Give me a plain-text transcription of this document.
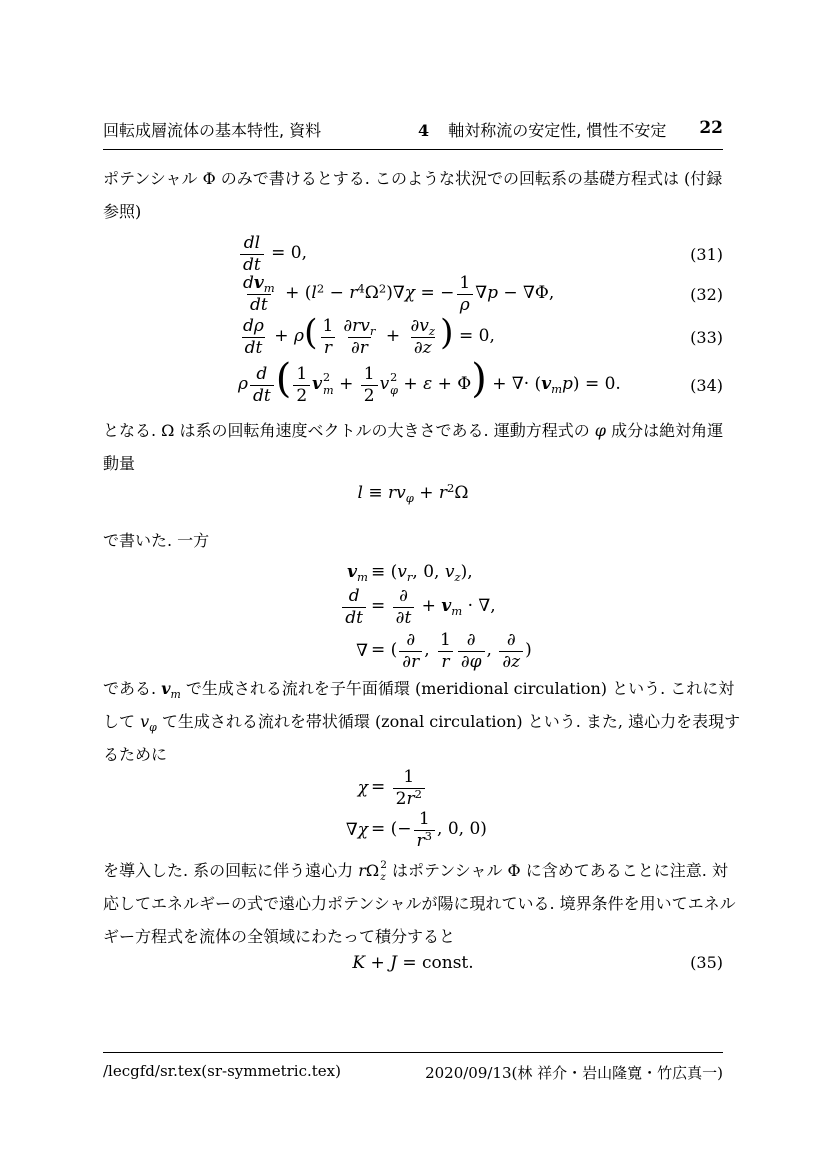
回転成層流体の基本特性, 資料	4 軸対称流の安定性, 慣性不安定 22
ポテンシャル Φ のみで書けるとする. このような状況での回転系の基礎方程式は (付録
参照)
$\frac{dl}{dt} = 0$,	(31)
$\frac{dv_m}{dt} + (l^2 - r^4\Omega^2)\nabla\chi$ = − $\frac{1}{\rho} \nabla p - \nabla\Phi$,	(32)
$\frac{d\rho}{dt} + \rho( \frac{1}{r} \frac{\partial rv_r}{\partial r} + \frac{\partial v_z}{\partial z}$ ) = 0,	(33)
ρ $\frac{d}{dt}$ ( $\frac{1}{2}$ v 2
$m + \frac{1}{2}$ v 2
φ + ε + Φ) + ∇· $(v_mp) = 0$.	(34)
となる. Ω は系の回転角速度ベクトルの大きさである. 運動方程式の φ 成分は絶対角運
動量
$l \equiv rv_\varphi + r^2\Omega$
で書いた. 一方
$v_m \equiv (v_r$, 0, $v_z$),
$\frac{d}{dt} = \frac{\partial}{\partial t} + v_m$ · ∇,
∇ = ( $\frac{\partial}{\partial r}$ , $\frac{1}{r} \frac{\partial}{\partial\varphi}$ , $\frac{\partial}{\partial z}$ )
である. $v_m$ で生成される流れを子午面循環 (meridional circulation) という. これに対
して $v_\varphi$ て生成される流れを帯状循環 (zonal circulation) という. また, 遠心力を表現す
るために
$\chi = \frac{1}{2r^2}$
∇χ = (− $\frac{1}{r^3}$ , 0, 0)
を導入した. 系の回転に伴う遠心力 rΩ 2
z はポテンシャル Φ に含めてあることに注意. 対
応してエネルギーの式で遠心力ポテンシャルが陽に現れている. 境界条件を用いてエネル
ギー方程式を流体の全領域にわたって積分すると
K + J = const.	(35)
/lecgfd/sr.tex(sr-symmetric.tex)	2020/09/13(林 祥介・岩山隆寛・竹広真一)
